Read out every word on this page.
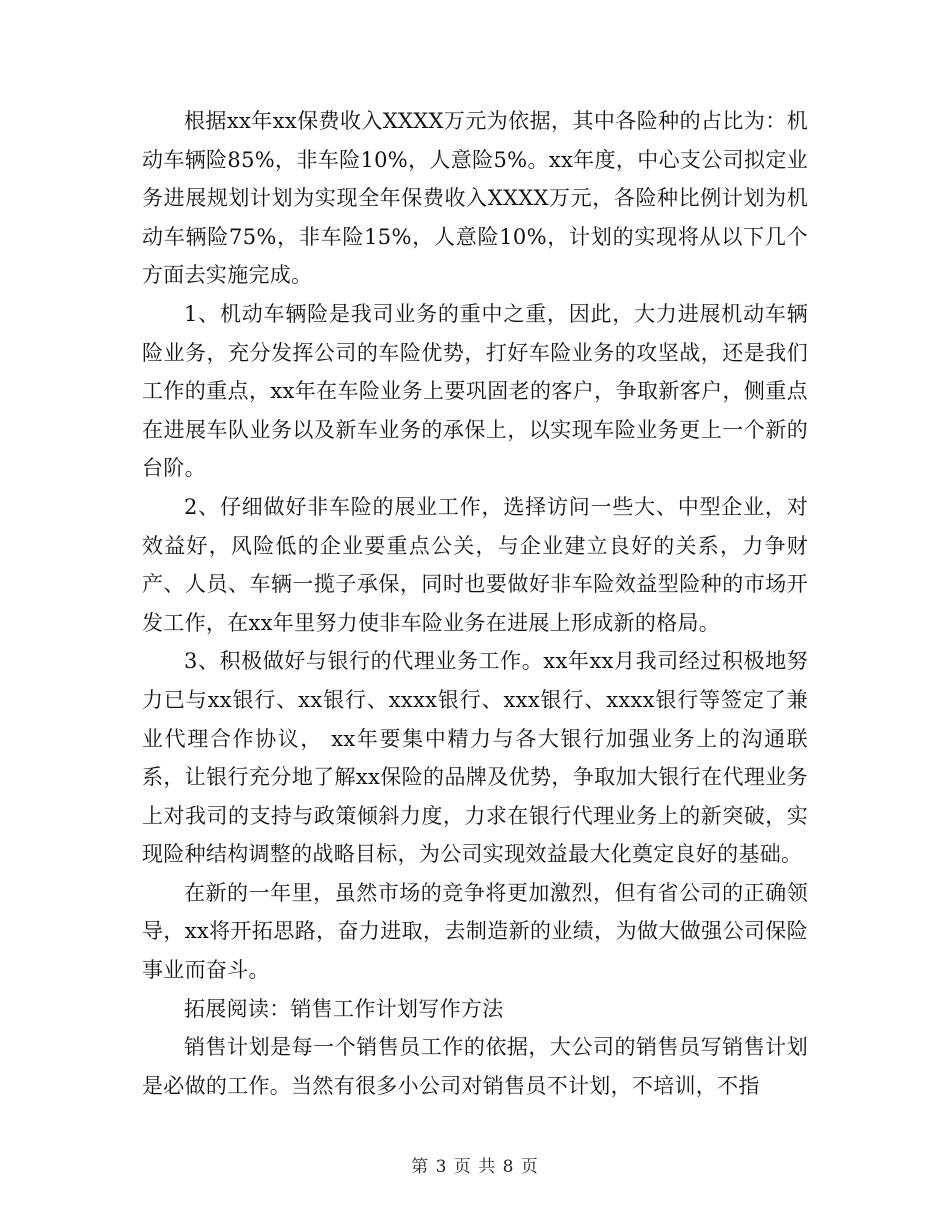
根据xx年xx保费收入XXXX万元为依据，其中各险种的占比为：机动车辆险85%，非车险10%，人意险5%。xx年度，中心支公司拟定业务进展规划计划为实现全年保费收入XXXX万元，各险种比例计划为机动车辆险75%，非车险15%，人意险10%，计划的实现将从以下几个方面去实施完成。

1、机动车辆险是我司业务的重中之重，因此，大力进展机动车辆险业务，充分发挥公司的车险优势，打好车险业务的攻坚战，还是我们工作的重点，xx年在车险业务上要巩固老的客户，争取新客户，侧重点在进展车队业务以及新车业务的承保上，以实现车险业务更上一个新的台阶。

2、仔细做好非车险的展业工作，选择访问一些大、中型企业，对效益好，风险低的企业要重点公关，与企业建立良好的关系，力争财产、人员、车辆一揽子承保，同时也要做好非车险效益型险种的市场开发工作，在xx年里努力使非车险业务在进展上形成新的格局。

3、积极做好与银行的代理业务工作。xx年xx月我司经过积极地努力已与xx银行、xx银行、xxxx银行、xxx银行、xxxx银行等签定了兼业代理合作协议， xx年要集中精力与各大银行加强业务上的沟通联系，让银行充分地了解xx保险的品牌及优势，争取加大银行在代理业务上对我司的支持与政策倾斜力度，力求在银行代理业务上的新突破，实现险种结构调整的战略目标，为公司实现效益最大化奠定良好的基础。

在新的一年里，虽然市场的竞争将更加激烈，但有省公司的正确领导，xx将开拓思路，奋力进取，去制造新的业绩，为做大做强公司保险事业而奋斗。

拓展阅读：销售工作计划写作方法

销售计划是每一个销售员工作的依据，大公司的销售员写销售计划是必做的工作。当然有很多小公司对销售员不计划，不培训，不指

第 3 页 共 8 页
